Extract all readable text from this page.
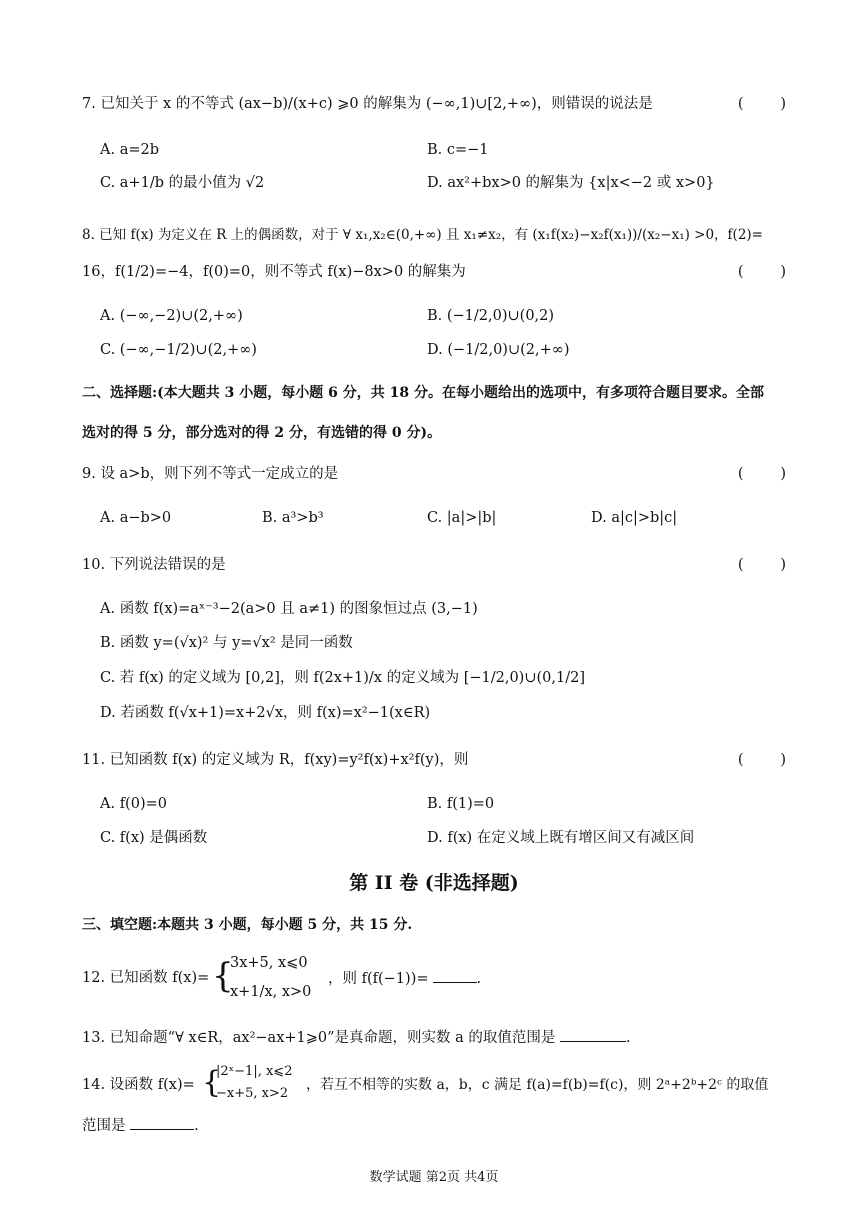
7. 已知关于 x 的不等式 (ax−b)/(x+c) ⩾0 的解集为 (−∞,1)∪[2,+∞)，则错误的说法是	(        )
A. a=2b	B. c=−1
C. a+1/b 的最小值为 √2	D. ax²+bx>0 的解集为 {x|x<−2 或 x>0}
8. 已知 f(x) 为定义在 R 上的偶函数，对于 ∀ x₁,x₂∈(0,+∞) 且 x₁≠x₂，有 (x₁f(x₂)−x₂f(x₁))/(x₂−x₁) >0，f(2)=
16，f(1/2)=−4，f(0)=0，则不等式 f(x)−8x>0 的解集为	(        )
A. (−∞,−2)∪(2,+∞)	B. (−1/2,0)∪(0,2)
C. (−∞,−1/2)∪(2,+∞)	D. (−1/2,0)∪(2,+∞)
二、选择题:(本大题共 3 小题，每小题 6 分，共 18 分。在每小题给出的选项中，有多项符合题目要求。全部
选对的得 5 分，部分选对的得 2 分，有选错的得 0 分)。
9. 设 a>b，则下列不等式一定成立的是	(        )
A. a−b>0	B. a³>b³	C. |a|>|b|	D. a|c|>b|c|
10. 下列说法错误的是	(        )
A. 函数 f(x)=aˣ⁻³−2(a>0 且 a≠1) 的图象恒过点 (3,−1)
B. 函数 y=(√x)² 与 y=√x² 是同一函数
C. 若 f(x) 的定义域为 [0,2]，则 f(2x+1)/x 的定义域为 [−1/2,0)∪(0,1/2]
D. 若函数 f(√x+1)=x+2√x，则 f(x)=x²−1(x∈R)
11. 已知函数 f(x) 的定义域为 R，f(xy)=y²f(x)+x²f(y)，则	(        )
A. f(0)=0	B. f(1)=0
C. f(x) 是偶函数	D. f(x) 在定义域上既有增区间又有减区间
第 II 卷 (非选择题)
三、填空题:本题共 3 小题，每小题 5 分，共 15 分.
12. 已知函数 f(x)= {
3x+5, x⩽0
x+1/x, x>0
，则 f(f(−1))=	.
13. 已知命题“∀ x∈R，ax²−ax+1⩾0”是真命题，则实数 a 的取值范围是	.
14. 设函数 f(x)= {
|2ˣ−1|, x⩽2
−x+5, x>2
，若互不相等的实数 a，b，c 满足 f(a)=f(b)=f(c)，则 2ᵃ+2ᵇ+2ᶜ 的取值
范围是	.
数学试题 第2页 共4页
